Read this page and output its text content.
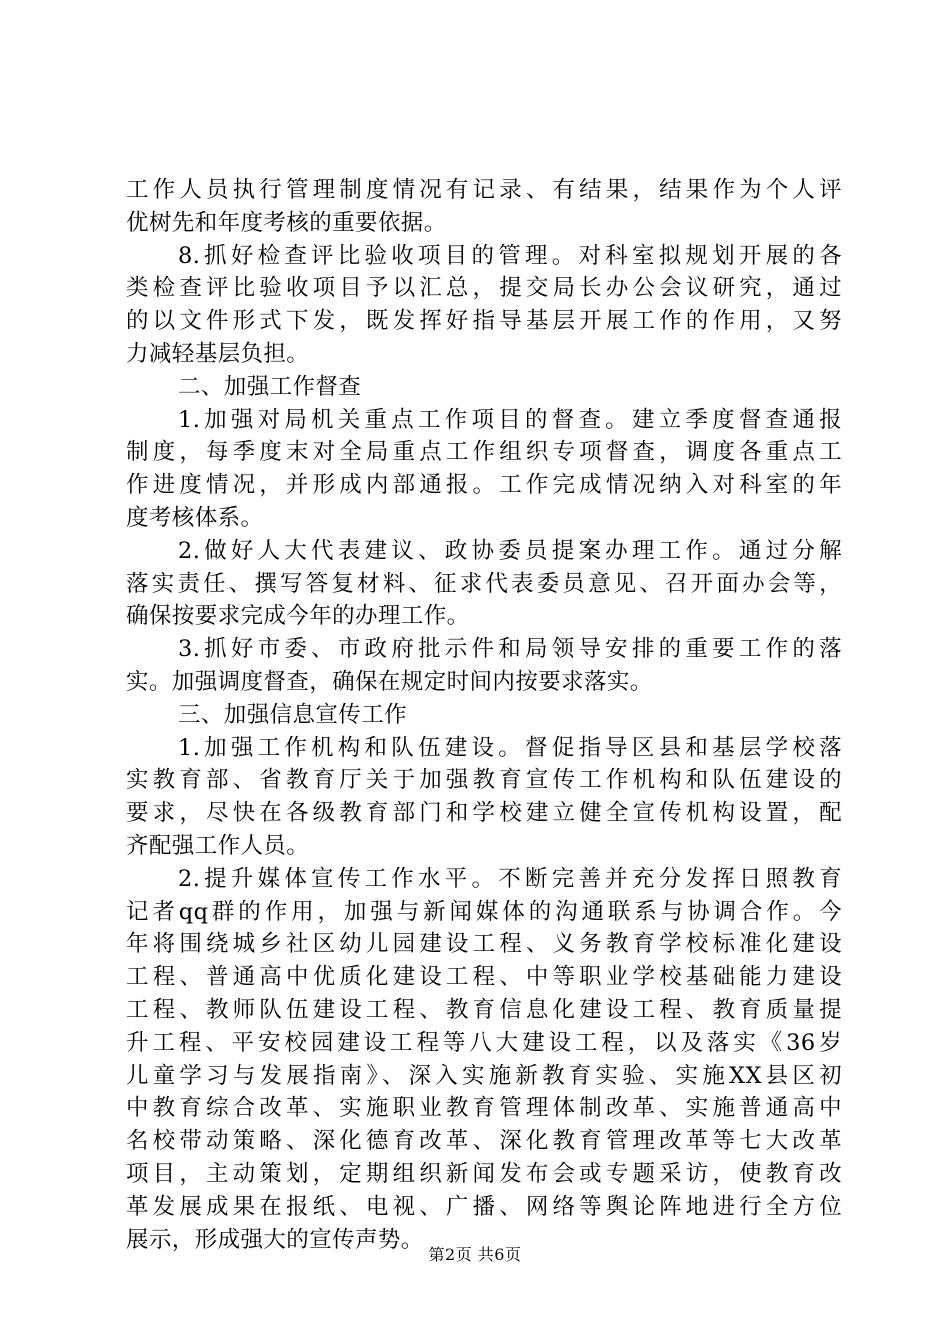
工作人员执行管理制度情况有记录、有结果，结果作为个人评
优树先和年度考核的重要依据。
8.抓好检查评比验收项目的管理。对科室拟规划开展的各
类检查评比验收项目予以汇总，提交局长办公会议研究，通过
的以文件形式下发，既发挥好指导基层开展工作的作用，又努
力减轻基层负担。
二、加强工作督查
1.加强对局机关重点工作项目的督查。建立季度督查通报
制度，每季度末对全局重点工作组织专项督查，调度各重点工
作进度情况，并形成内部通报。工作完成情况纳入对科室的年
度考核体系。
2.做好人大代表建议、政协委员提案办理工作。通过分解
落实责任、撰写答复材料、征求代表委员意见、召开面办会等，
确保按要求完成今年的办理工作。
3.抓好市委、市政府批示件和局领导安排的重要工作的落
实。加强调度督查，确保在规定时间内按要求落实。
三、加强信息宣传工作
1.加强工作机构和队伍建设。督促指导区县和基层学校落
实教育部、省教育厅关于加强教育宣传工作机构和队伍建设的
要求，尽快在各级教育部门和学校建立健全宣传机构设置，配
齐配强工作人员。
2.提升媒体宣传工作水平。不断完善并充分发挥日照教育
记者qq群的作用，加强与新闻媒体的沟通联系与协调合作。今
年将围绕城乡社区幼儿园建设工程、义务教育学校标准化建设
工程、普通高中优质化建设工程、中等职业学校基础能力建设
工程、教师队伍建设工程、教育信息化建设工程、教育质量提
升工程、平安校园建设工程等八大建设工程，以及落实《36岁
儿童学习与发展指南》、深入实施新教育实验、实施XX县区初
中教育综合改革、实施职业教育管理体制改革、实施普通高中
名校带动策略、深化德育改革、深化教育管理改革等七大改革
项目，主动策划，定期组织新闻发布会或专题采访，使教育改
革发展成果在报纸、电视、广播、网络等舆论阵地进行全方位
展示，形成强大的宣传声势。
第2页 共6页
